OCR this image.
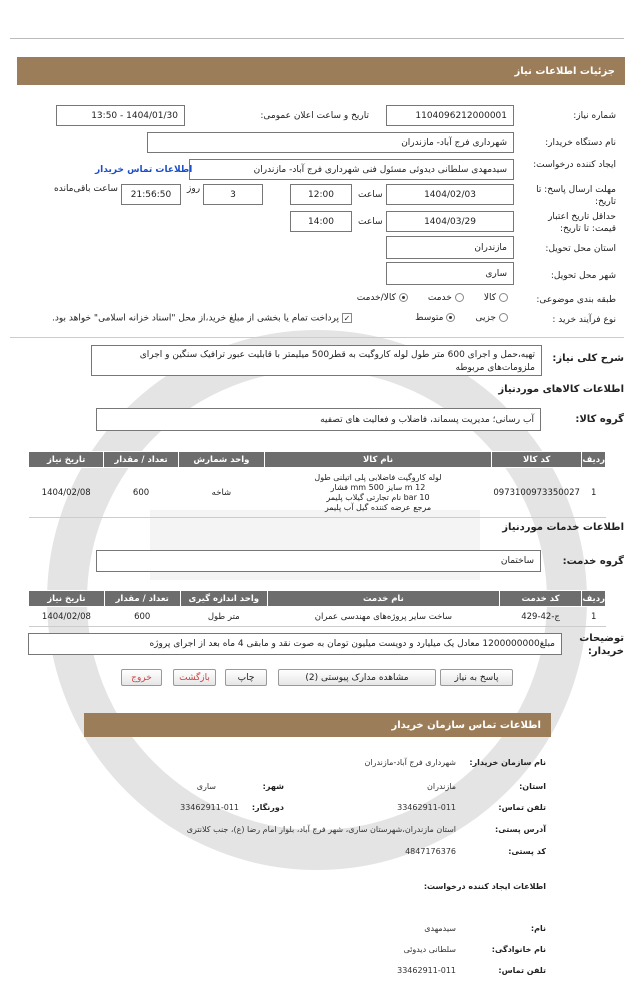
جزئیات اطلاعات نیاز
شماره نیاز:
1104096212000001
تاریخ و ساعت اعلان عمومی:
1404/01/30 - 13:50
نام دستگاه خریدار:
شهرداری فرج آباد- مازندران
ایجاد کننده درخواست:
سیدمهدی سلطانی دیدوئی مسئول فنی شهرداری فرج آباد- مازندران
اطلاعات تماس خریدار
مهلت ارسال پاسخ: تا تاریخ:
1404/02/03
ساعت
12:00
3
روز
21:56:50
ساعت باقی‌مانده
حداقل تاریخ اعتبار قیمت: تا تاریخ:
1404/03/29
ساعت
14:00
استان محل تحویل:
مازندران
شهر محل تحویل:
ساری
طبقه بندی موضوعی:
کالا
خدمت
کالا/خدمت
نوع فرآیند خرید :
جزیی
متوسط
✓پرداخت تمام یا بخشی از مبلغ خرید،از محل "اسناد خزانه اسلامی" خواهد بود.
شرح کلی نیاز:
تهیه،حمل و اجرای 600 متر طول لوله کاروگیت به قطر500 میلیمتر با قابلیت عبور ترافیک سنگین و اجرای ملزومات‌های مربوطه
اطلاعات کالاهای موردنیاز
گروه کالا:
آب رسانی؛ مدیریت پسماند، فاضلاب و فعالیت های تصفیه
ردیف	کد کالا	نام کالا	واحد شمارش	تعداد / مقدار	تاریخ نیاز
1	0973100973350027	لوله کاروگیت فاضلابی پلی اتیلنی طول
12 m سایز 500 mm فشار
10 bar نام تجارتی گیلاب پلیمر
مرجع عرضه کننده گیل آب پلیمر	شاخه	600	1404/02/08
اطلاعات خدمات موردنیاز
گروه خدمت:
ساختمان
ردیف	کد خدمت	نام خدمت	واحد اندازه گیری	تعداد / مقدار	تاریخ نیاز
1	ج-42-429	ساخت سایر پروژه‌های مهندسی عمران	متر طول	600	1404/02/08
توضیحات خریدار:
مبلغ1200000000 معادل یک میلیارد و دویست میلیون تومان به صوت نقد و مابقی 4 ماه بعد از اجرای پروژه
پاسخ به نیاز
مشاهده مدارک پیوستی (2)
چاپ
بازگشت
خروج
اطلاعات تماس سازمان خریدار
نام سازمان خریدار:
شهرداری فرج آباد-مازندران
استان:
مازندران
شهر:
ساری
تلفن تماس:
33462911-011
دورنگار:
33462911-011
آدرس پستی:
استان مازندران،شهرستان ساری، شهر فرج آباد، بلوار امام رضا (ع)، جنب کلانتری
کد پستی:
4847176376
اطلاعات ایجاد کننده درخواست:
نام:
سیدمهدی
نام خانوادگی:
سلطانی دیدوئی
تلفن تماس:
33462911-011
